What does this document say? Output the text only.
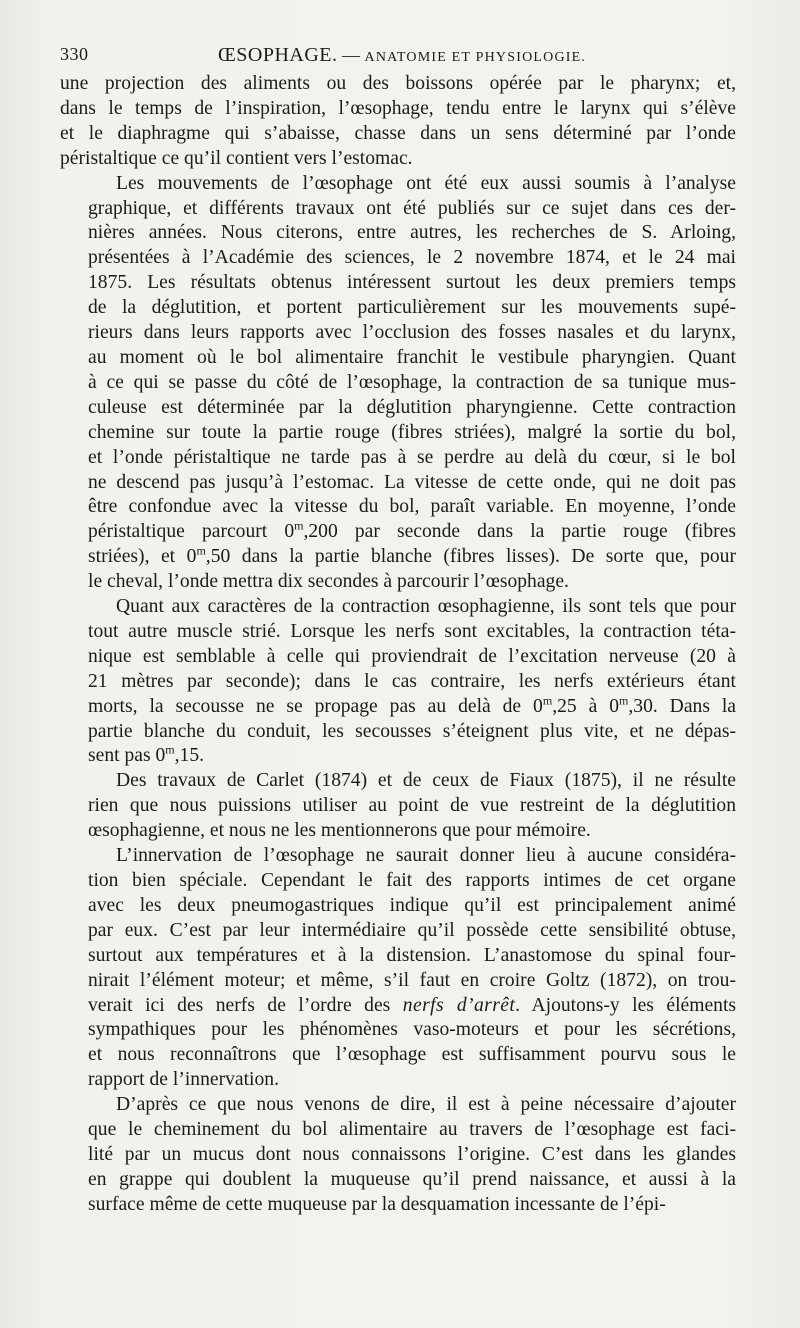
330	ŒSOPHAGE. — ANATOMIE ET PHYSIOLOGIE.
une projection des aliments ou des boissons opérée par le pharynx; et,
dans le temps de l’inspiration, l’œsophage, tendu entre le larynx qui s’élève
et le diaphragme qui s’abaisse, chasse dans un sens déterminé par l’onde
péristaltique ce qu’il contient vers l’estomac.
Les mouvements de l’œsophage ont été eux aussi soumis à l’analyse
graphique, et différents travaux ont été publiés sur ce sujet dans ces der-
nières années. Nous citerons, entre autres, les recherches de S. Arloing,
présentées à l’Académie des sciences, le 2 novembre 1874, et le 24 mai
1875. Les résultats obtenus intéressent surtout les deux premiers temps
de la déglutition, et portent particulièrement sur les mouvements supé-
rieurs dans leurs rapports avec l’occlusion des fosses nasales et du larynx,
au moment où le bol alimentaire franchit le vestibule pharyngien. Quant
à ce qui se passe du côté de l’œsophage, la contraction de sa tunique mus-
culeuse est déterminée par la déglutition pharyngienne. Cette contraction
chemine sur toute la partie rouge (fibres striées), malgré la sortie du bol,
et l’onde péristaltique ne tarde pas à se perdre au delà du cœur, si le bol
ne descend pas jusqu’à l’estomac. La vitesse de cette onde, qui ne doit pas
être confondue avec la vitesse du bol, paraît variable. En moyenne, l’onde
péristaltique parcourt 0$^m$,200 par seconde dans la partie rouge (fibres
striées), et 0$^m$,50 dans la partie blanche (fibres lisses). De sorte que, pour
le cheval, l’onde mettra dix secondes à parcourir l’œsophage.
Quant aux caractères de la contraction œsophagienne, ils sont tels que pour
tout autre muscle strié. Lorsque les nerfs sont excitables, la contraction téta-
nique est semblable à celle qui proviendrait de l’excitation nerveuse (20 à
21 mètres par seconde); dans le cas contraire, les nerfs extérieurs étant
morts, la secousse ne se propage pas au delà de 0$^m$,25 à 0$^m$,30. Dans la
partie blanche du conduit, les secousses s’éteignent plus vite, et ne dépas-
sent pas 0$^m$,15.
Des travaux de Carlet (1874) et de ceux de Fiaux (1875), il ne résulte
rien que nous puissions utiliser au point de vue restreint de la déglutition
œsophagienne, et nous ne les mentionnerons que pour mémoire.
L’innervation de l’œsophage ne saurait donner lieu à aucune considéra-
tion bien spéciale. Cependant le fait des rapports intimes de cet organe
avec les deux pneumogastriques indique qu’il est principalement animé
par eux. C’est par leur intermédiaire qu’il possède cette sensibilité obtuse,
surtout aux températures et à la distension. L’anastomose du spinal four-
nirait l’élément moteur; et même, s’il faut en croire Goltz (1872), on trou-
verait ici des nerfs de l’ordre des nerfs d’arrêt. Ajoutons-y les éléments
sympathiques pour les phénomènes vaso-moteurs et pour les sécrétions,
et nous reconnaîtrons que l’œsophage est suffisamment pourvu sous le
rapport de l’innervation.
D’après ce que nous venons de dire, il est à peine nécessaire d’ajouter
que le cheminement du bol alimentaire au travers de l’œsophage est faci-
lité par un mucus dont nous connaissons l’origine. C’est dans les glandes
en grappe qui doublent la muqueuse qu’il prend naissance, et aussi à la
surface même de cette muqueuse par la desquamation incessante de l’épi-
